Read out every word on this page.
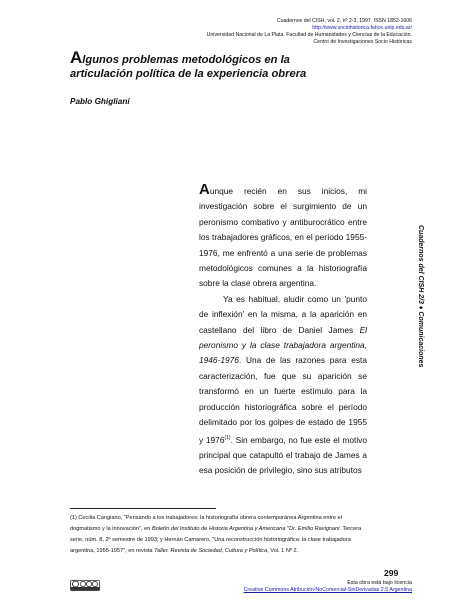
Cuadernos del CISH, vol. 2, nº 2-3, 1997. ISSN 1852-1606
http://www.sociohistorica.fahce.unlp.edu.ar/
Universidad Nacional de La Plata. Facultad de Humanidades y Ciencias de la Educación.
Centro de Investigaciones Socio Históricas
Algunos problemas metodológicos en la
articulación política de la experiencia obrera
Pablo Ghigliani
Cuadernos del CISH 2/3 ♦ Comunicaciones

Aunque recién en sus inicios, mi investigación sobre el surgimiento de un peronismo combativo y antiburocrático entre los trabajadores gráficos, en el período 1955-1976, me enfrentó a una serie de problemas metodológicos comunes a la historiografía sobre la clase obrera argentina.

Ya es habitual, aludir como un 'punto de inflexión' en la misma, a la aparición en castellano del libro de Daniel James El peronismo y la clase trabajadora argentina, 1946-1976. Una de las razones para esta caracterización, fue que su aparición se transformó en un fuerte estímulo para la producción historiográfica sobre el período delimitado por los golpes de estado de 1955 y 1976$^{(1)}$. Sin embargo, no fue este el motivo principal que catapultó el trabajo de James a esa posición de privilegio, sino sus atributos

(1) Cecilia Cangiano, "Pensando a los trabajadores: la historiografía obrera contemporánea Argentina entre el dogmatismo y la innovación", en Boletín del Instituto de Historia Argentina y Americana "Dr. Emilio Ravignani. Tercera serie, núm. 8, 2º semestre de 1993; y Hernán Camarero, "Una reconstrucción historiográfica: la clase trabajadora argentina, 1955-1957", en revista Taller. Revista de Sociedad, Cultura y Política, Vol. 1 Nº 2.

299
Esta obra está bajo licencia
Creative Commons Atribución-NoComercial-SinDerivadas 2.5 Argentina
